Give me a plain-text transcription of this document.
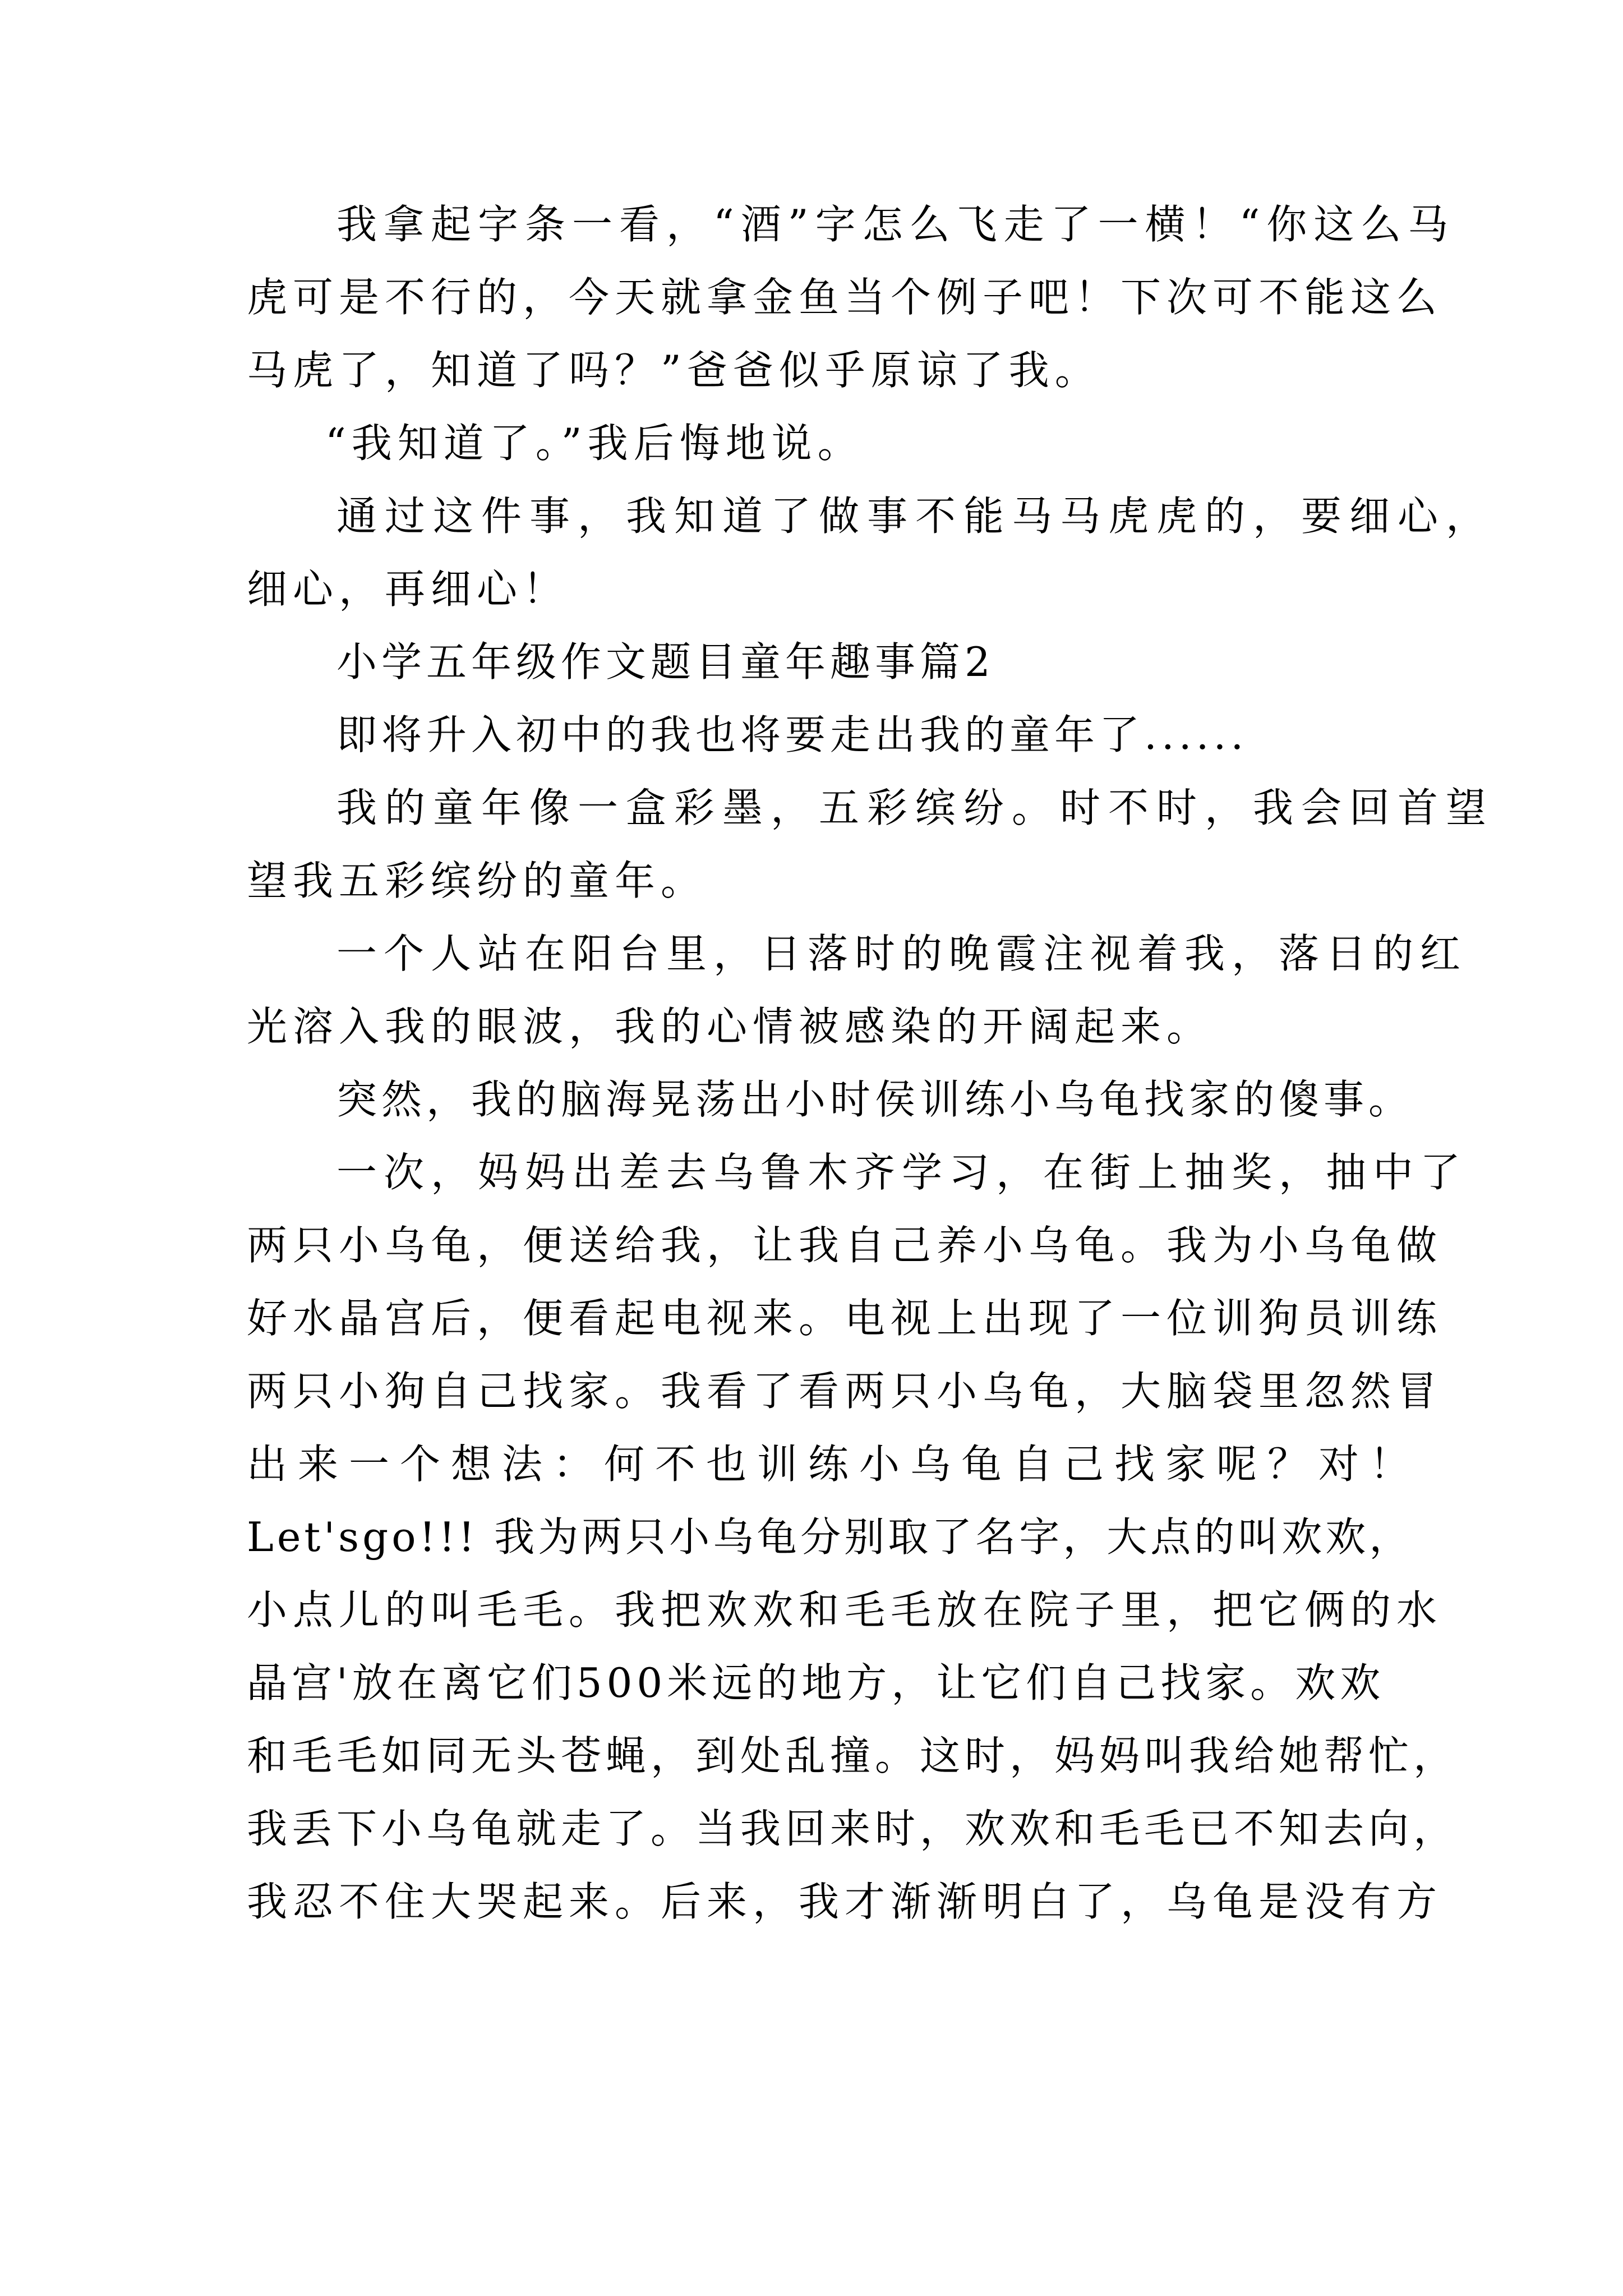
我拿起字条一看，“酒”字怎么飞走了一横！“你这么马
虎可是不行的，今天就拿金鱼当个例子吧！下次可不能这么
马虎了，知道了吗？”爸爸似乎原谅了我。
“我知道了。”我后悔地说。
通过这件事，我知道了做事不能马马虎虎的，要细心，
细心，再细心！
小学五年级作文题目童年趣事篇2
即将升入初中的我也将要走出我的童年了......
我的童年像一盒彩墨，五彩缤纷。时不时，我会回首望
望我五彩缤纷的童年。
一个人站在阳台里，日落时的晚霞注视着我，落日的红
光溶入我的眼波，我的心情被感染的开阔起来。
突然，我的脑海晃荡出小时侯训练小乌龟找家的傻事。
一次，妈妈出差去乌鲁木齐学习，在街上抽奖，抽中了
两只小乌龟，便送给我，让我自己养小乌龟。我为小乌龟做
好水晶宫后，便看起电视来。电视上出现了一位训狗员训练
两只小狗自己找家。我看了看两只小乌龟，大脑袋里忽然冒
出来一个想法：何不也训练小乌龟自己找家呢？对！
Let'sgo!!! 我为两只小乌龟分别取了名字，大点的叫欢欢，
小点儿的叫毛毛。我把欢欢和毛毛放在院子里，把它俩的水
晶宫'放在离它们500米远的地方，让它们自己找家。欢欢
和毛毛如同无头苍蝇，到处乱撞。这时，妈妈叫我给她帮忙，
我丢下小乌龟就走了。当我回来时，欢欢和毛毛已不知去向，
我忍不住大哭起来。后来，我才渐渐明白了，乌龟是没有方
